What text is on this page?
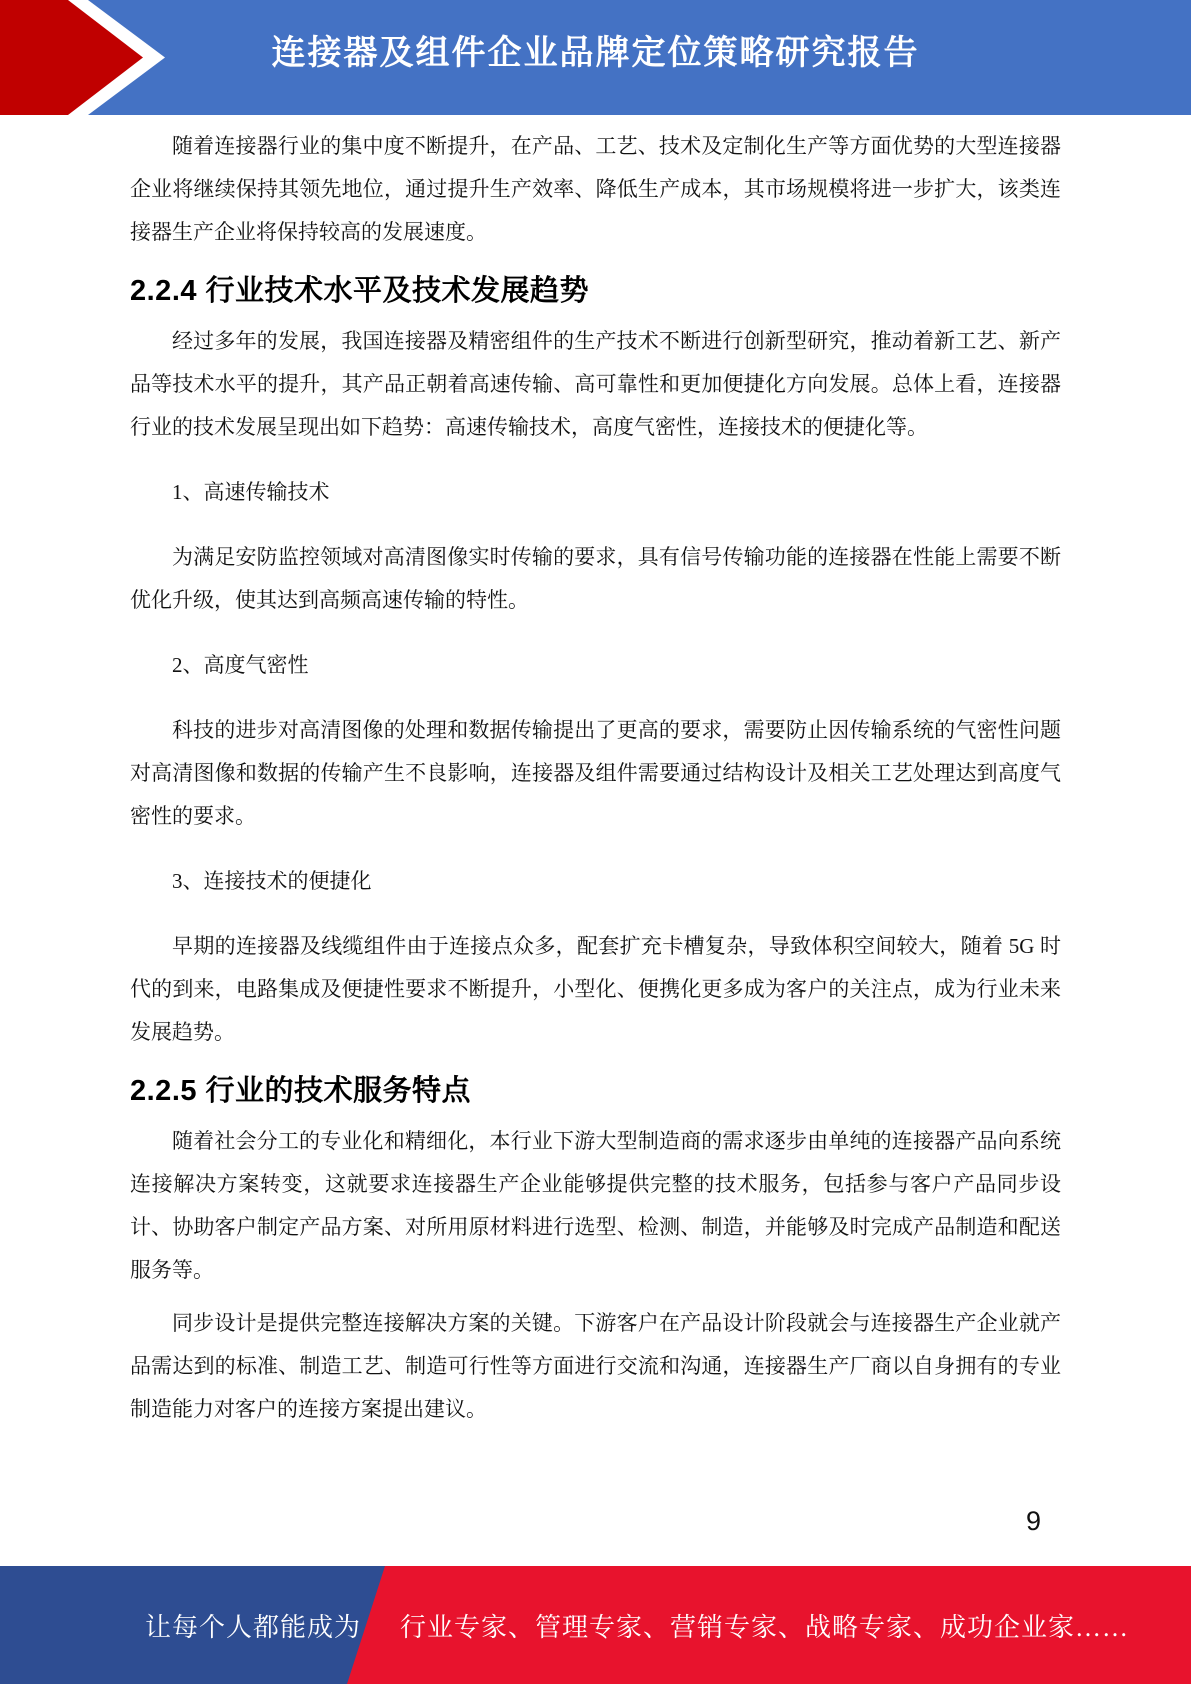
连接器及组件企业品牌定位策略研究报告

随着连接器行业的集中度不断提升，在产品、工艺、技术及定制化生产等方面优势的大型连接器企业将继续保持其领先地位，通过提升生产效率、降低生产成本，其市场规模将进一步扩大，该类连接器生产企业将保持较高的发展速度。

2.2.4 行业技术水平及技术发展趋势

经过多年的发展，我国连接器及精密组件的生产技术不断进行创新型研究，推动着新工艺、新产品等技术水平的提升，其产品正朝着高速传输、高可靠性和更加便捷化方向发展。总体上看，连接器行业的技术发展呈现出如下趋势：高速传输技术，高度气密性，连接技术的便捷化等。

1、高速传输技术

为满足安防监控领域对高清图像实时传输的要求，具有信号传输功能的连接器在性能上需要不断优化升级，使其达到高频高速传输的特性。

2、高度气密性

科技的进步对高清图像的处理和数据传输提出了更高的要求，需要防止因传输系统的气密性问题对高清图像和数据的传输产生不良影响，连接器及组件需要通过结构设计及相关工艺处理达到高度气密性的要求。

3、连接技术的便捷化

早期的连接器及线缆组件由于连接点众多，配套扩充卡槽复杂，导致体积空间较大，随着 5G 时代的到来，电路集成及便捷性要求不断提升，小型化、便携化更多成为客户的关注点，成为行业未来发展趋势。

2.2.5 行业的技术服务特点

随着社会分工的专业化和精细化，本行业下游大型制造商的需求逐步由单纯的连接器产品向系统连接解决方案转变，这就要求连接器生产企业能够提供完整的技术服务，包括参与客户产品同步设计、协助客户制定产品方案、对所用原材料进行选型、检测、制造，并能够及时完成产品制造和配送服务等。

同步设计是提供完整连接解决方案的关键。下游客户在产品设计阶段就会与连接器生产企业就产品需达到的标准、制造工艺、制造可行性等方面进行交流和沟通，连接器生产厂商以自身拥有的专业制造能力对客户的连接方案提出建议。

9
让每个人都能成为 行业专家、管理专家、营销专家、战略专家、成功企业家……
